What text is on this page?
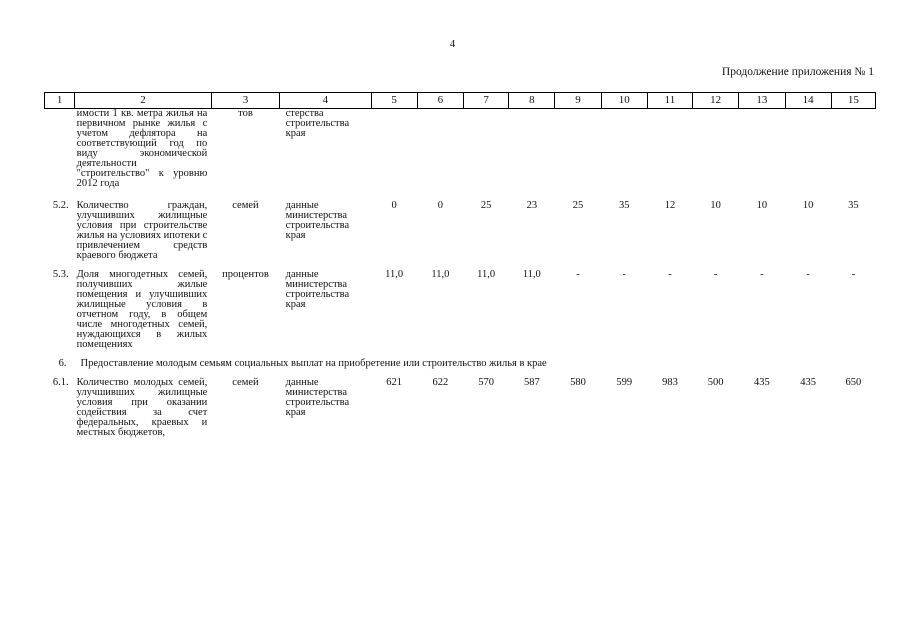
4
Продолжение приложения № 1
1	2	3	4	5	6	7	8	9	10	11	12	13	14	15
	имости 1 кв. метра жилья на первичном рынке жилья с учетом дефлятора на соответствующий год по виду экономической деятельности "строительство" к уровню 2012 года	тов	стерства строительства края											

5.2.	Количество граждан, улучшивших жилищные условия при строительстве жилья на условиях ипотеки с привлечением средств краевого бюджета	семей	данные министерства строительства края	0	0	25	23	25	35	12	10	10	10	35

5.3.	Доля многодетных семей, получивших жилые помещения и улучшивших жилищные условия в отчетном году, в общем числе многодетных семей, нуждающихся в жилых помещениях	процентов	данные министерства строительства края	11,0	11,0	11,0	11,0	-	-	-	-	-	-	-

6. Предоставление молодым семьям социальных выплат на приобретение или строительство жилья в крае														

6.1.	Количество молодых семей, улучшивших жилищные условия при оказании содействия за счет федеральных, краевых и местных бюджетов,	семей	данные министерства строительства края	621	622	570	587	580	599	983	500	435	435	650
